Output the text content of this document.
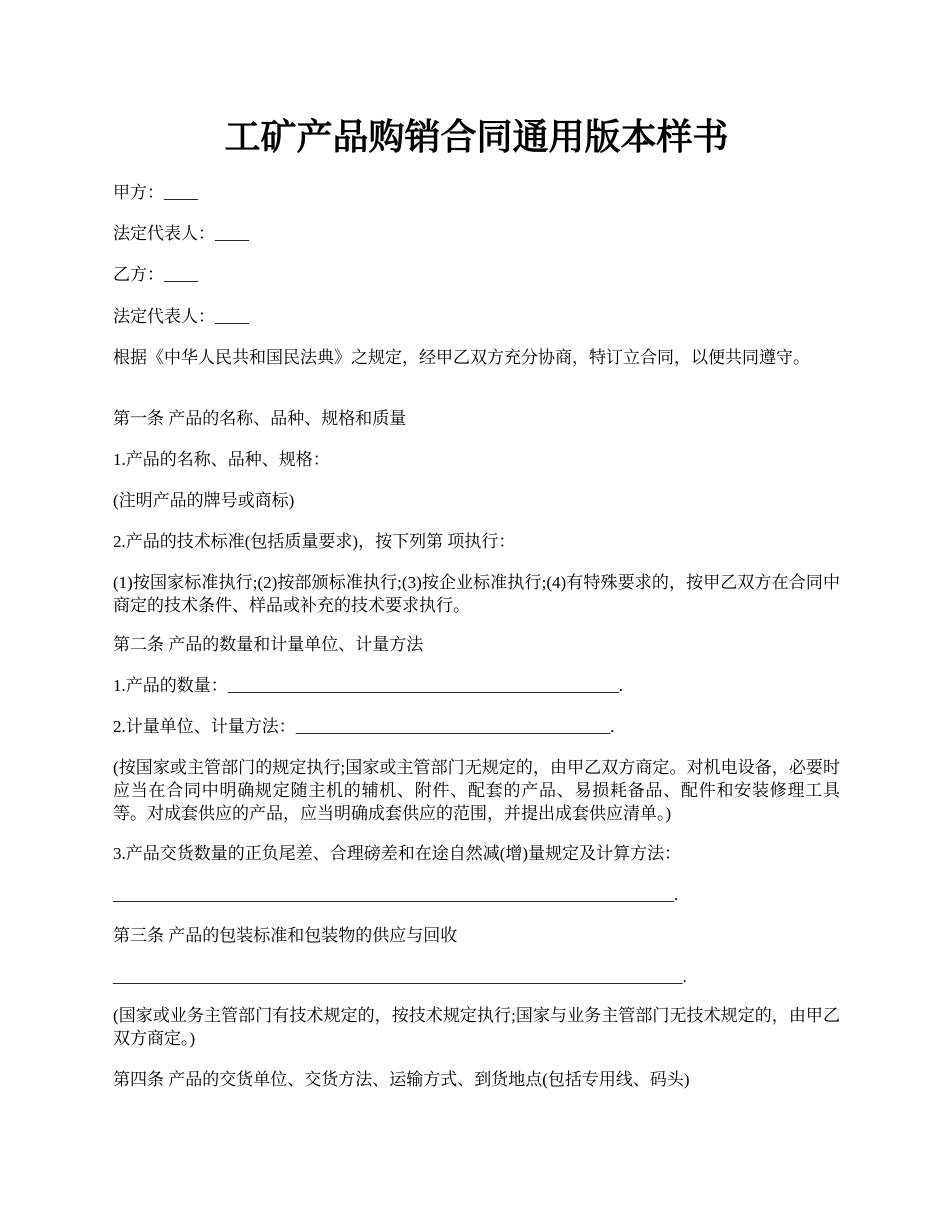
工矿产品购销合同通用版本样书

甲方：____

法定代表人：____

乙方：____

法定代表人：____

根据《中华人民共和国民法典》之规定，经甲乙双方充分协商，特订立合同，以便共同遵守。

第一条 产品的名称、品种、规格和质量

1.产品的名称、品种、规格：

(注明产品的牌号或商标)

2.产品的技术标准(包括质量要求)，按下列第 项执行：

(1)按国家标准执行;(2)按部颁标准执行;(3)按企业标准执行;(4)有特殊要求的，按甲乙双方在合同中商定的技术条件、样品或补充的技术要求执行。

第二条 产品的数量和计量单位、计量方法

1.产品的数量：______________________________________________.

2.计量单位、计量方法：_____________________________________.

(按国家或主管部门的规定执行;国家或主管部门无规定的，由甲乙双方商定。对机电设备，必要时应当在合同中明确规定随主机的辅机、附件、配套的产品、易损耗备品、配件和安装修理工具等。对成套供应的产品，应当明确成套供应的范围，并提出成套供应清单。)

3.产品交货数量的正负尾差、合理磅差和在途自然减(增)量规定及计算方法：

__________________________________________________________________.

第三条 产品的包装标准和包装物的供应与回收

___________________________________________________________________.

(国家或业务主管部门有技术规定的，按技术规定执行;国家与业务主管部门无技术规定的，由甲乙双方商定。)

第四条 产品的交货单位、交货方法、运输方式、到货地点(包括专用线、码头)
